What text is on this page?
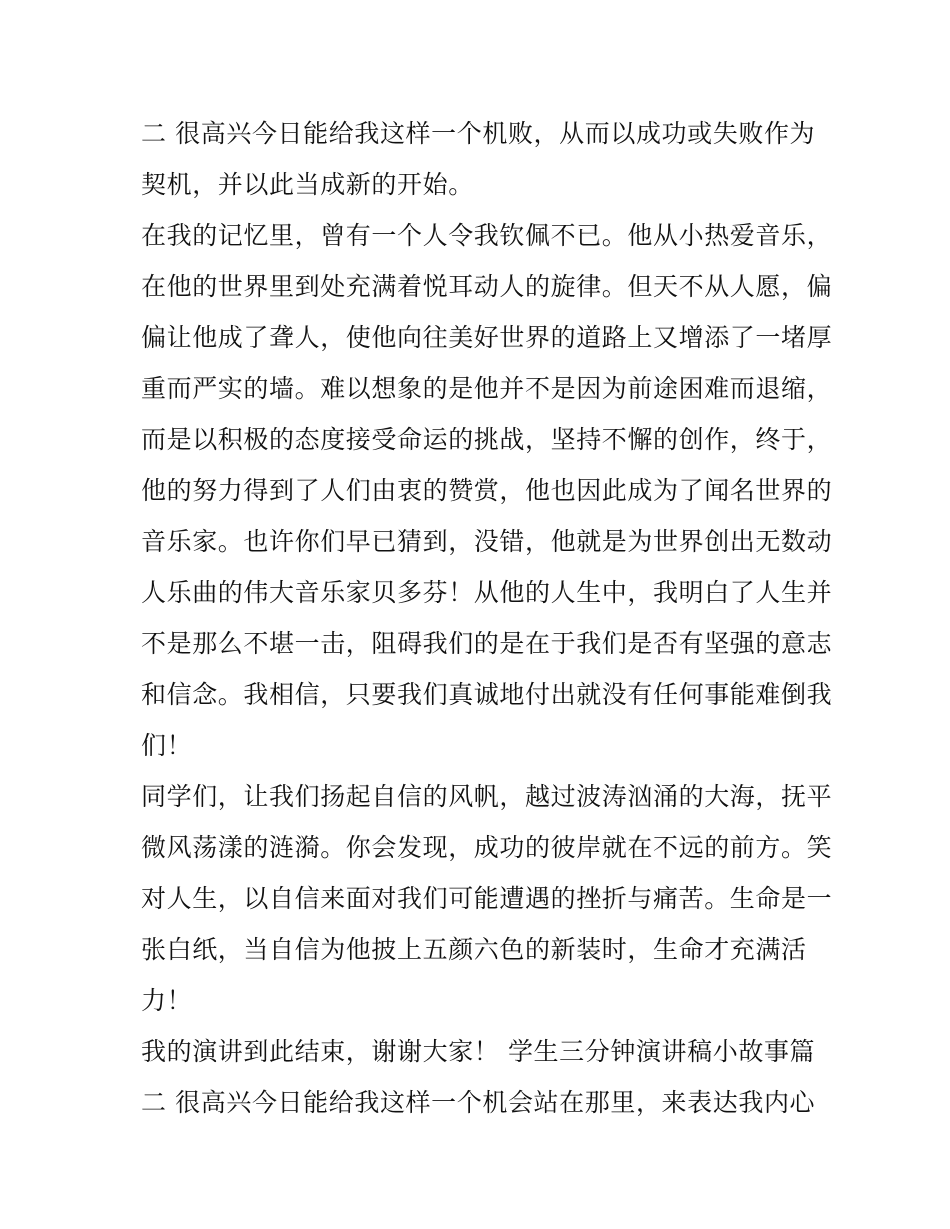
二 很高兴今日能给我这样一个机败，从而以成功或失败作为
契机，并以此当成新的开始。
在我的记忆里，曾有一个人令我钦佩不已。他从小热爱音乐，
在他的世界里到处充满着悦耳动人的旋律。但天不从人愿，偏
偏让他成了聋人，使他向往美好世界的道路上又增添了一堵厚
重而严实的墙。难以想象的是他并不是因为前途困难而退缩，
而是以积极的态度接受命运的挑战，坚持不懈的创作，终于，
他的努力得到了人们由衷的赞赏，他也因此成为了闻名世界的
音乐家。也许你们早已猜到，没错，他就是为世界创出无数动
人乐曲的伟大音乐家贝多芬！从他的人生中，我明白了人生并
不是那么不堪一击，阻碍我们的是在于我们是否有坚强的意志
和信念。我相信，只要我们真诚地付出就没有任何事能难倒我
们！
同学们，让我们扬起自信的风帆，越过波涛汹涌的大海，抚平
微风荡漾的涟漪。你会发现，成功的彼岸就在不远的前方。笑
对人生，以自信来面对我们可能遭遇的挫折与痛苦。生命是一
张白纸，当自信为他披上五颜六色的新装时，生命才充满活
力！
我的演讲到此结束，谢谢大家！ 学生三分钟演讲稿小故事篇
二 很高兴今日能给我这样一个机会站在那里，来表达我内心
